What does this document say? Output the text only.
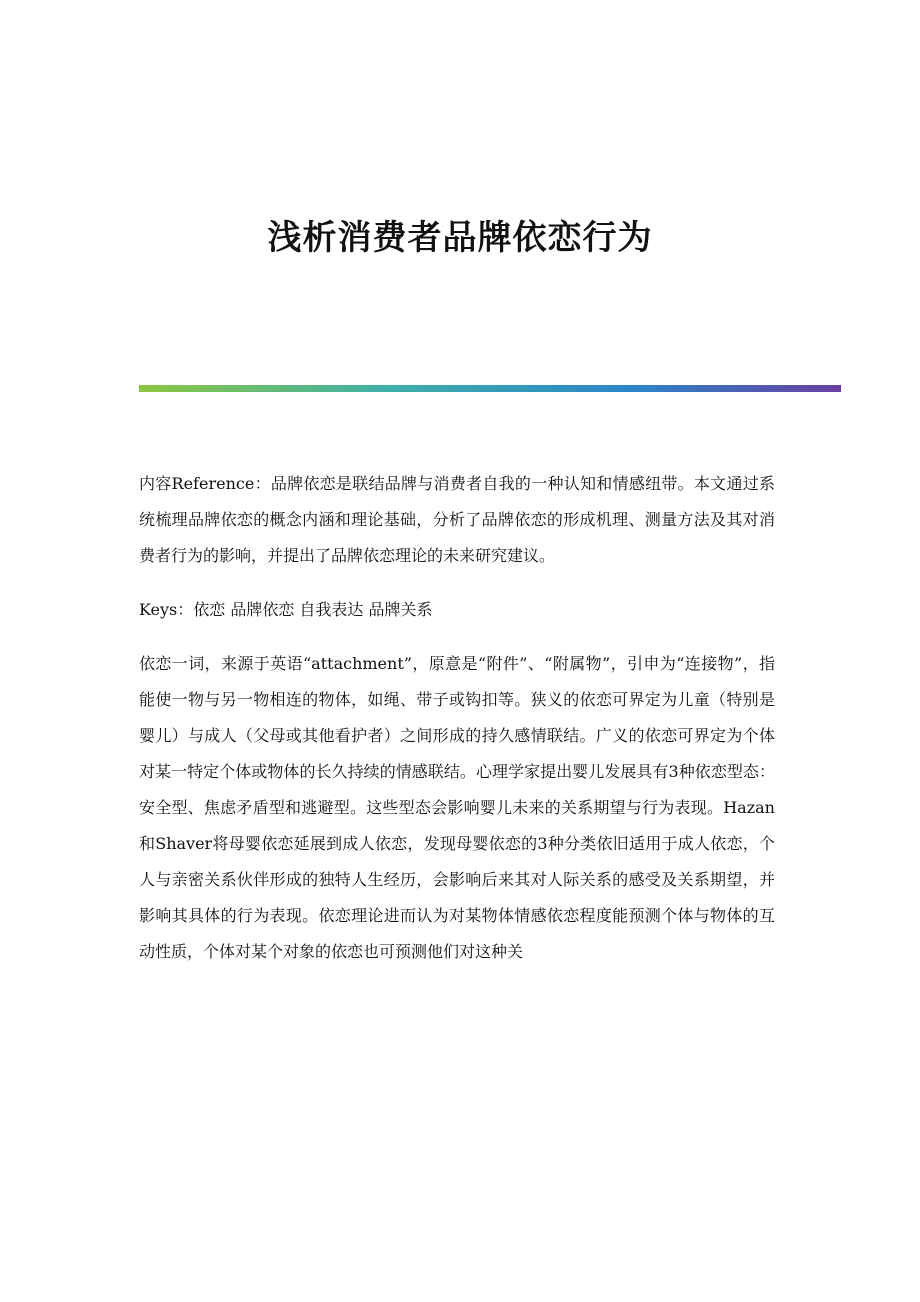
浅析消费者品牌依恋行为

内容Reference：品牌依恋是联结品牌与消费者自我的一种认知和情感纽带。本文通过系统梳理品牌依恋的概念内涵和理论基础，分析了品牌依恋的形成机理、测量方法及其对消费者行为的影响，并提出了品牌依恋理论的未来研究建议。

Keys：依恋 品牌依恋 自我表达 品牌关系

依恋一词，来源于英语“attachment”，原意是“附件”、“附属物”，引申为“连接物”，指能使一物与另一物相连的物体，如绳、带子或钩扣等。狭义的依恋可界定为儿童（特别是婴儿）与成人（父母或其他看护者）之间形成的持久感情联结。广义的依恋可界定为个体对某一特定个体或物体的长久持续的情感联结。心理学家提出婴儿发展具有3种依恋型态：安全型、焦虑矛盾型和逃避型。这些型态会影响婴儿未来的关系期望与行为表现。Hazan和Shaver将母婴依恋延展到成人依恋，发现母婴依恋的3种分类依旧适用于成人依恋，个人与亲密关系伙伴形成的独特人生经历，会影响后来其对人际关系的感受及关系期望，并影响其具体的行为表现。依恋理论进而认为对某物体情感依恋程度能预测个体与物体的互动性质，个体对某个对象的依恋也可预测他们对这种关
